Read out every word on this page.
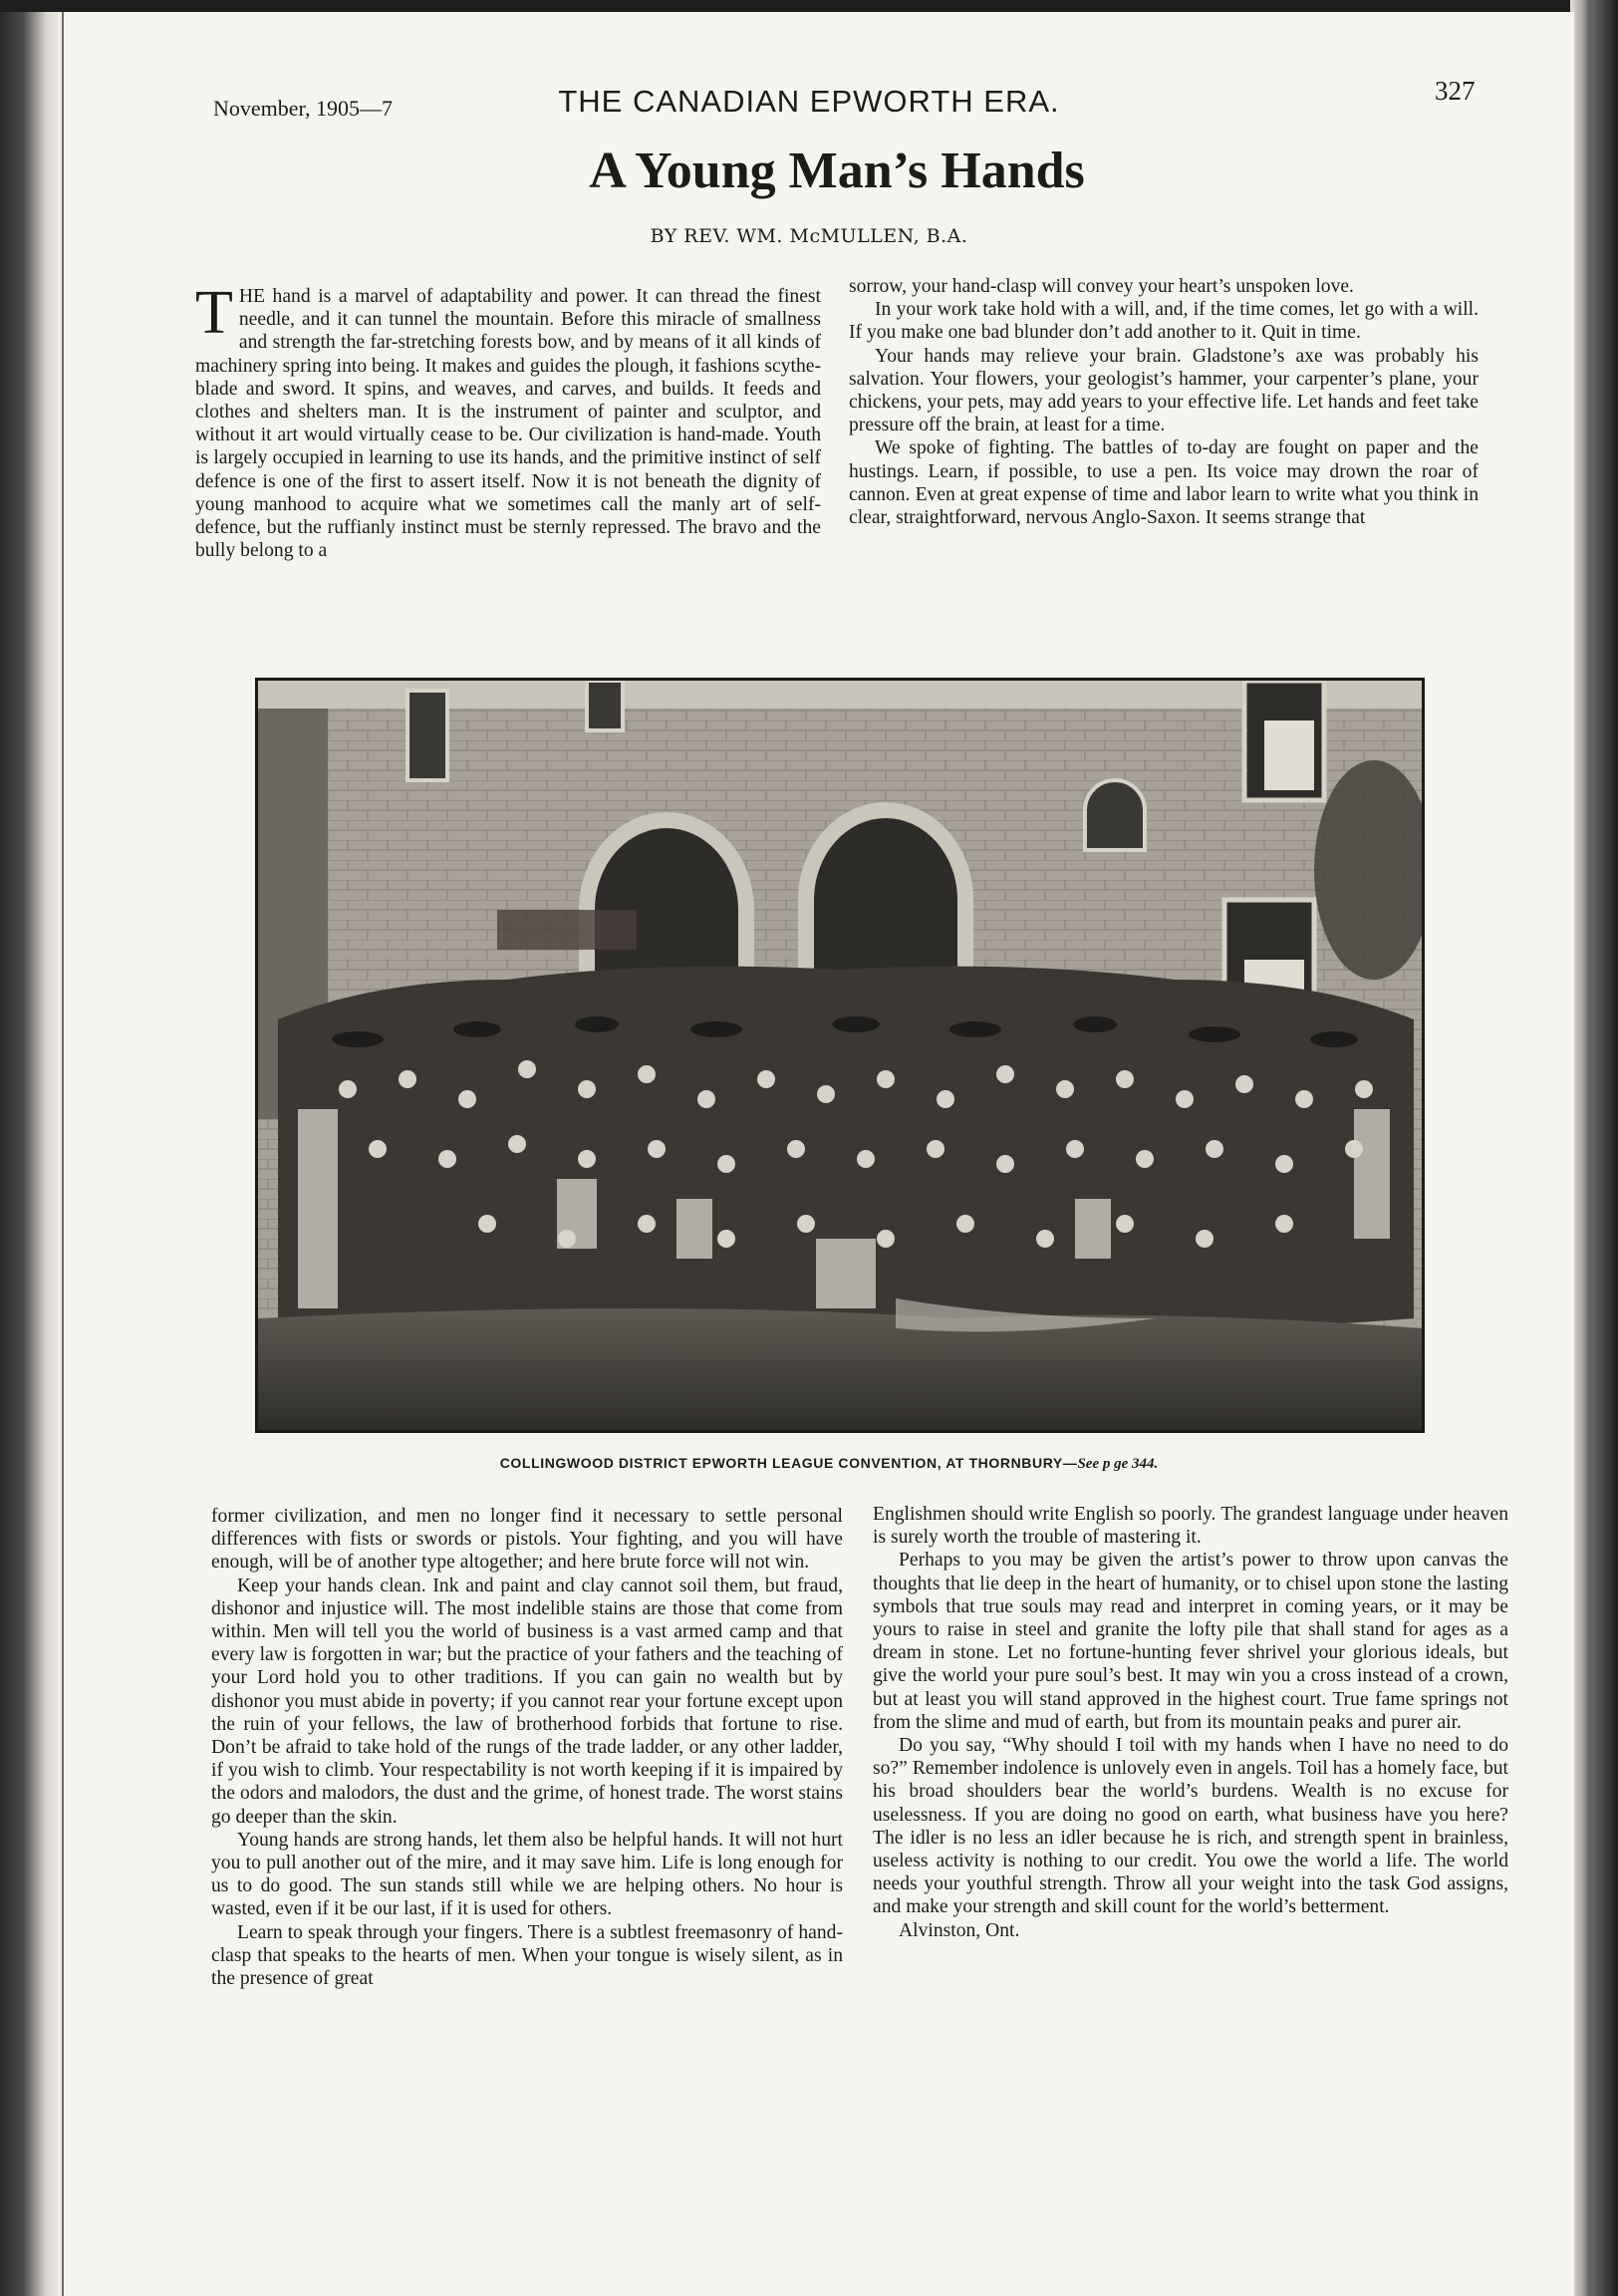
November, 1905—7	THE CANADIAN EPWORTH ERA.	327
A Young Man’s Hands
BY REV. WM. McMULLEN, B.A.

THE hand is a marvel of adaptability and power. It can thread the finest needle, and it can tunnel the mountain. Before this miracle of smallness and strength the far-stretching forests bow, and by means of it all kinds of machinery spring into being. It makes and guides the plough, it fashions scythe-blade and sword. It spins, and weaves, and carves, and builds. It feeds and clothes and shelters man. It is the instrument of painter and sculptor, and without it art would virtually cease to be. Our civilization is hand-made. Youth is largely occupied in learning to use its hands, and the primitive instinct of self defence is one of the first to assert itself. Now it is not beneath the dignity of young manhood to acquire what we sometimes call the manly art of self-defence, but the ruffianly instinct must be sternly repressed. The bravo and the bully belong to a

sorrow, your hand-clasp will convey your heart’s unspoken love.

In your work take hold with a will, and, if the time comes, let go with a will. If you make one bad blunder don’t add another to it. Quit in time.

Your hands may relieve your brain. Gladstone’s axe was probably his salvation. Your flowers, your geologist’s hammer, your carpenter’s plane, your chickens, your pets, may add years to your effective life. Let hands and feet take pressure off the brain, at least for a time.

We spoke of fighting. The battles of to-day are fought on paper and the hustings. Learn, if possible, to use a pen. Its voice may drown the roar of cannon. Even at great expense of time and labor learn to write what you think in clear, straightforward, nervous Anglo-Saxon. It seems strange that

COLLINGWOOD DISTRICT EPWORTH LEAGUE CONVENTION, AT THORNBURY—See p ge 344.

former civilization, and men no longer find it necessary to settle personal differences with fists or swords or pistols. Your fighting, and you will have enough, will be of another type altogether; and here brute force will not win.

Keep your hands clean. Ink and paint and clay cannot soil them, but fraud, dishonor and injustice will. The most indelible stains are those that come from within. Men will tell you the world of business is a vast armed camp and that every law is forgotten in war; but the practice of your fathers and the teaching of your Lord hold you to other traditions. If you can gain no wealth but by dishonor you must abide in poverty; if you cannot rear your fortune except upon the ruin of your fellows, the law of brotherhood forbids that fortune to rise. Don’t be afraid to take hold of the rungs of the trade ladder, or any other ladder, if you wish to climb. Your respectability is not worth keeping if it is impaired by the odors and malodors, the dust and the grime, of honest trade. The worst stains go deeper than the skin.

Young hands are strong hands, let them also be helpful hands. It will not hurt you to pull another out of the mire, and it may save him. Life is long enough for us to do good. The sun stands still while we are helping others. No hour is wasted, even if it be our last, if it is used for others.

Learn to speak through your fingers. There is a subtlest freemasonry of hand-clasp that speaks to the hearts of men. When your tongue is wisely silent, as in the presence of great

Englishmen should write English so poorly. The grandest language under heaven is surely worth the trouble of mastering it.

Perhaps to you may be given the artist’s power to throw upon canvas the thoughts that lie deep in the heart of humanity, or to chisel upon stone the lasting symbols that true souls may read and interpret in coming years, or it may be yours to raise in steel and granite the lofty pile that shall stand for ages as a dream in stone. Let no fortune-hunting fever shrivel your glorious ideals, but give the world your pure soul’s best. It may win you a cross instead of a crown, but at least you will stand approved in the highest court. True fame springs not from the slime and mud of earth, but from its mountain peaks and purer air.

Do you say, “Why should I toil with my hands when I have no need to do so?” Remember indolence is unlovely even in angels. Toil has a homely face, but his broad shoulders bear the world’s burdens. Wealth is no excuse for uselessness. If you are doing no good on earth, what business have you here? The idler is no less an idler because he is rich, and strength spent in brainless, useless activity is nothing to our credit. You owe the world a life. The world needs your youthful strength. Throw all your weight into the task God assigns, and make your strength and skill count for the world’s betterment.

Alvinston, Ont.
